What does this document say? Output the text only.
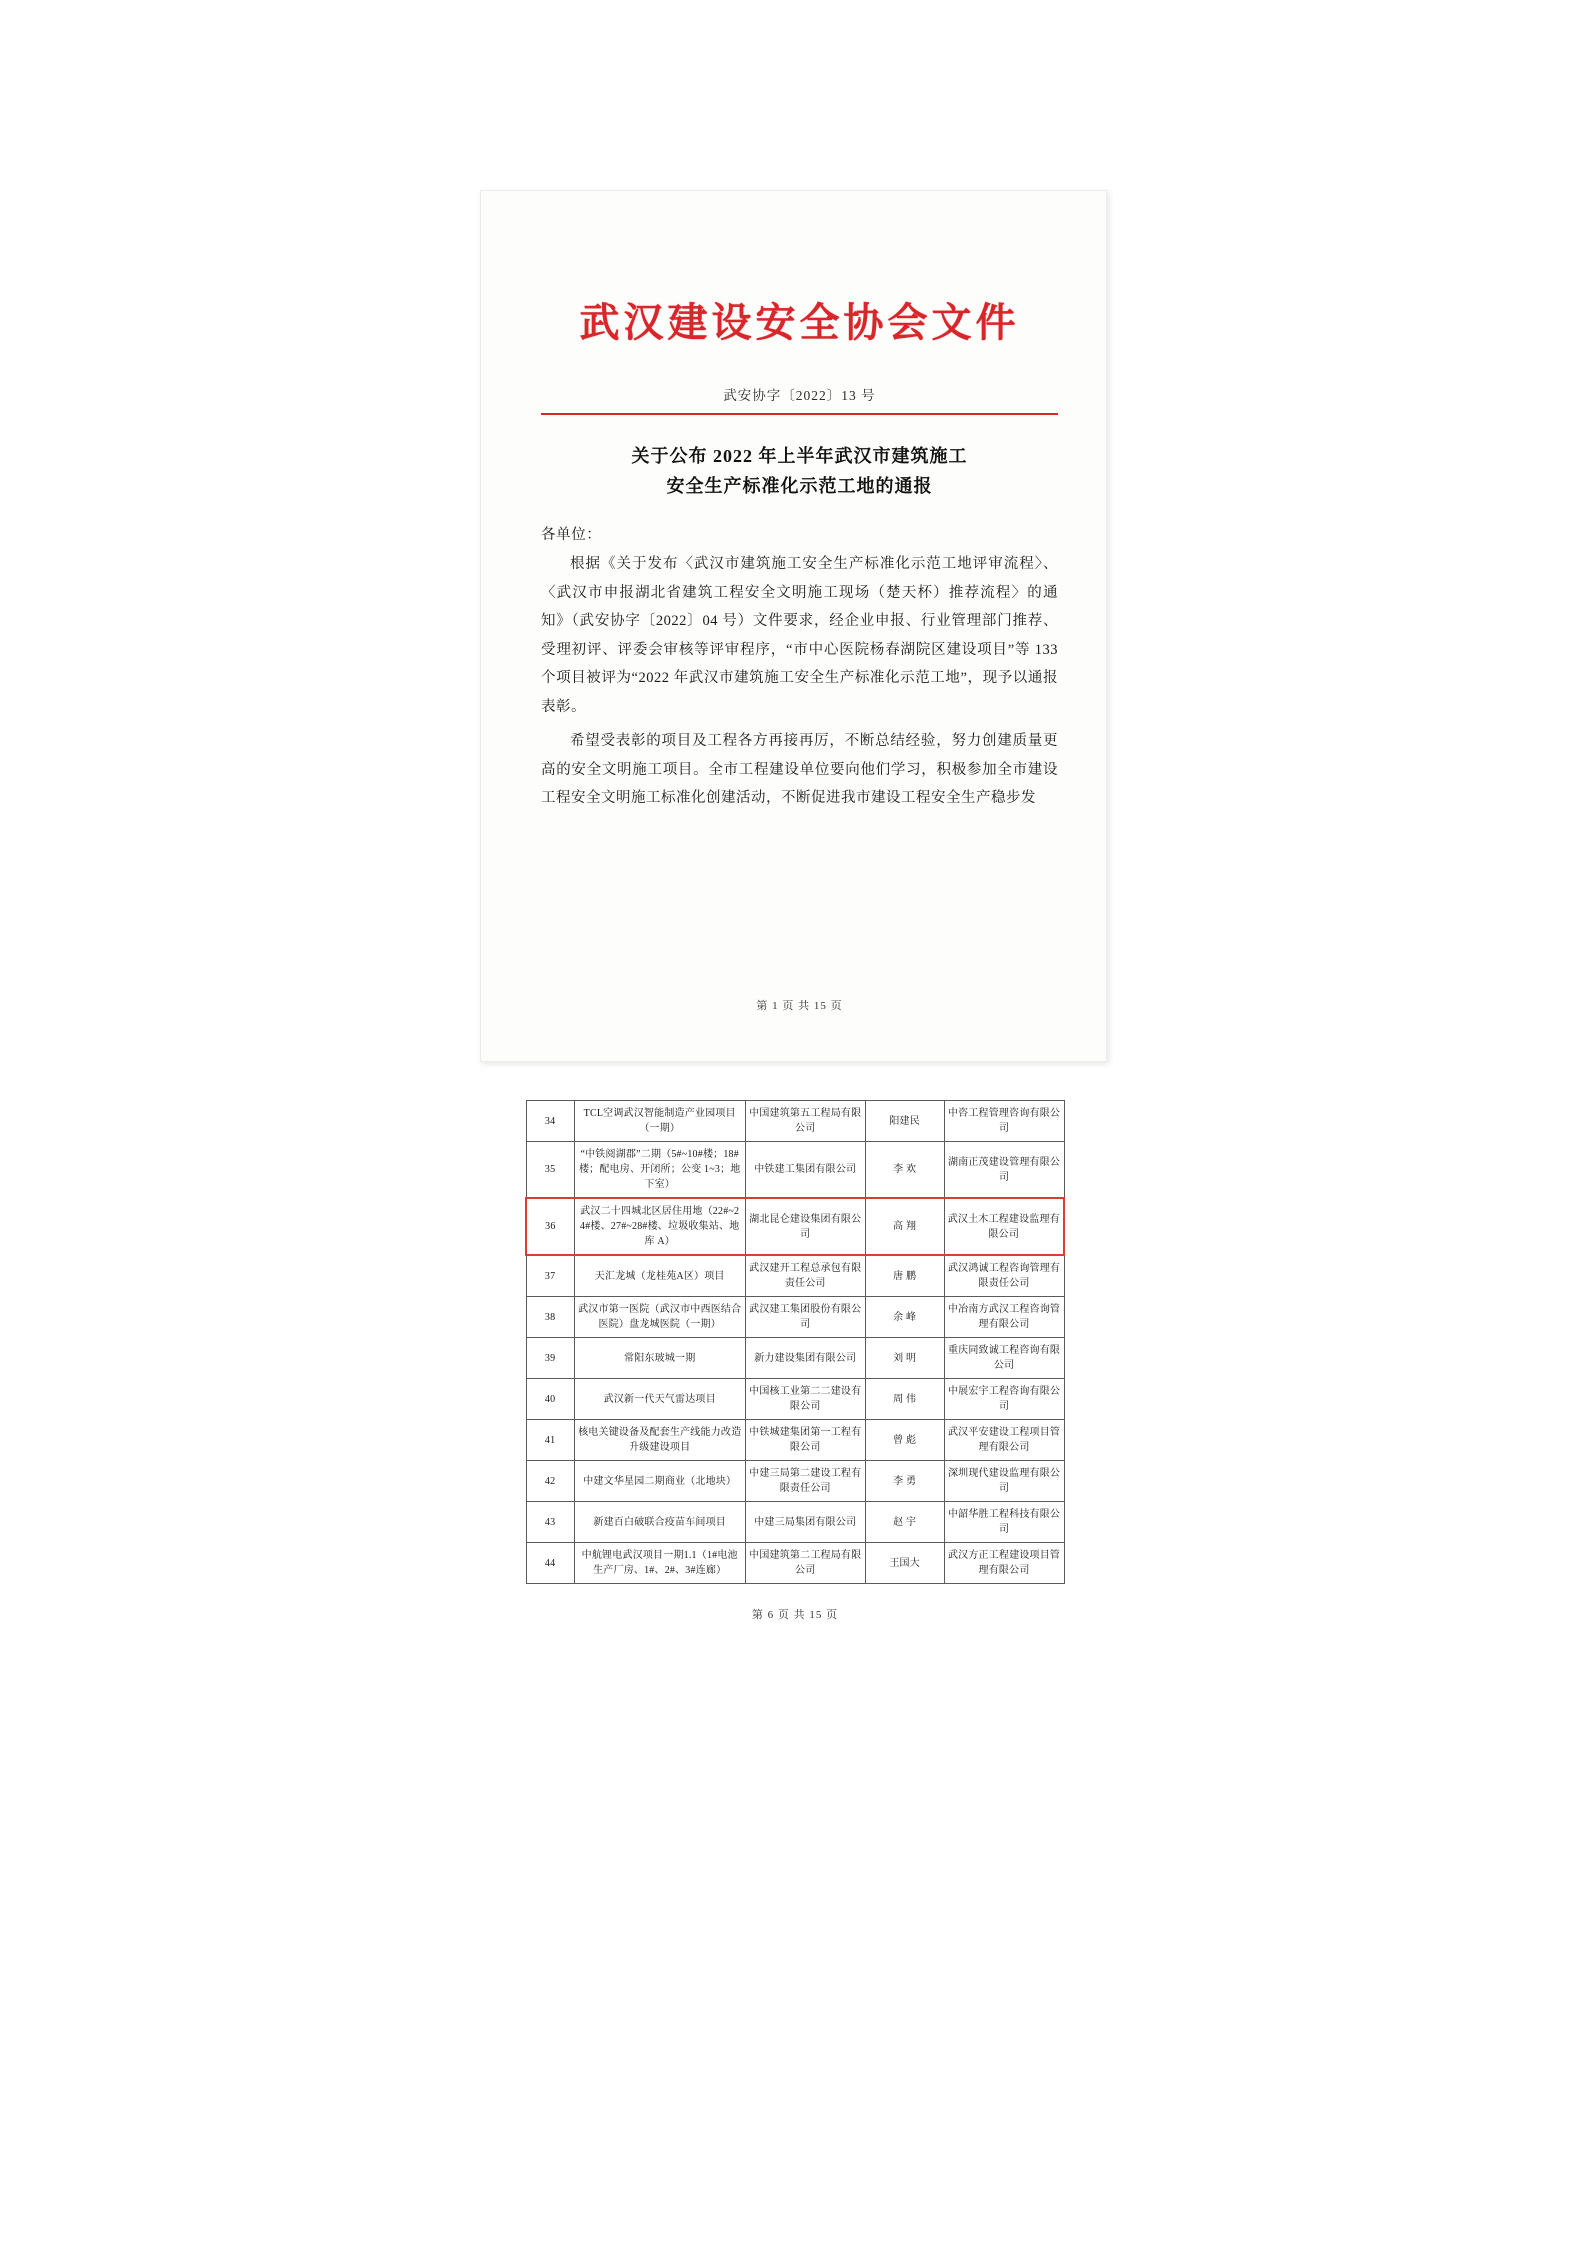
武汉建设安全协会文件
武安协字〔2022〕13 号
关于公布 2022 年上半年武汉市建筑施工
安全生产标准化示范工地的通报
各单位：
根据《关于发布〈武汉市建筑施工安全生产标准化示范工地评审流程〉、〈武汉市申报湖北省建筑工程安全文明施工现场（楚天杯）推荐流程〉的通知》（武安协字〔2022〕04 号）文件要求，经企业申报、行业管理部门推荐、受理初评、评委会审核等评审程序，“市中心医院杨春湖院区建设项目”等 133 个项目被评为“2022 年武汉市建筑施工安全生产标准化示范工地”，现予以通报表彰。
希望受表彰的项目及工程各方再接再厉，不断总结经验，努力创建质量更高的安全文明施工项目。全市工程建设单位要向他们学习，积极参加全市建设工程安全文明施工标准化创建活动，不断促进我市建设工程安全生产稳步发
第 1 页 共 15 页
34	TCL空调武汉智能制造产业园项目（一期）	中国建筑第五工程局有限公司	阳建民	中咨工程管理咨询有限公司
35	“中铁阅湖郡”二期（5#~10#楼；18#楼；配电房、开闭所；公变 1~3；地下室）	中铁建工集团有限公司	李 欢	湖南正茂建设管理有限公司
36	武汉二十四城北区居住用地（22#~24#楼、27#~28#楼、垃圾收集站、地库 A）	湖北昆仑建设集团有限公司	高 翔	武汉土木工程建设监理有限公司
37	天汇龙城（龙桂苑A区）项目	武汉建开工程总承包有限责任公司	唐 鹏	武汉鸿诚工程咨询管理有限责任公司
38	武汉市第一医院（武汉市中西医结合医院）盘龙城医院（一期）	武汉建工集团股份有限公司	余 峰	中冶南方武汉工程咨询管理有限公司
39	常阳东玻城一期	新力建设集团有限公司	刘 明	重庆同致诚工程咨询有限公司
40	武汉新一代天气雷达项目	中国核工业第二二建设有限公司	周 伟	中展宏宇工程咨询有限公司
41	核电关键设备及配套生产线能力改造升级建设项目	中铁城建集团第一工程有限公司	曾 彪	武汉平安建设工程项目管理有限公司
42	中建文华星园二期商业（北地块）	中建三局第二建设工程有限责任公司	李 勇	深圳现代建设监理有限公司
43	新建百白破联合疫苗车间项目	中建三局集团有限公司	赵 宇	中韶华胜工程科技有限公司
44	中航锂电武汉项目一期1.1（1#电池生产厂房、1#、2#、3#连廊）	中国建筑第二工程局有限公司	王国大	武汉方正工程建设项目管理有限公司
第 6 页 共 15 页
